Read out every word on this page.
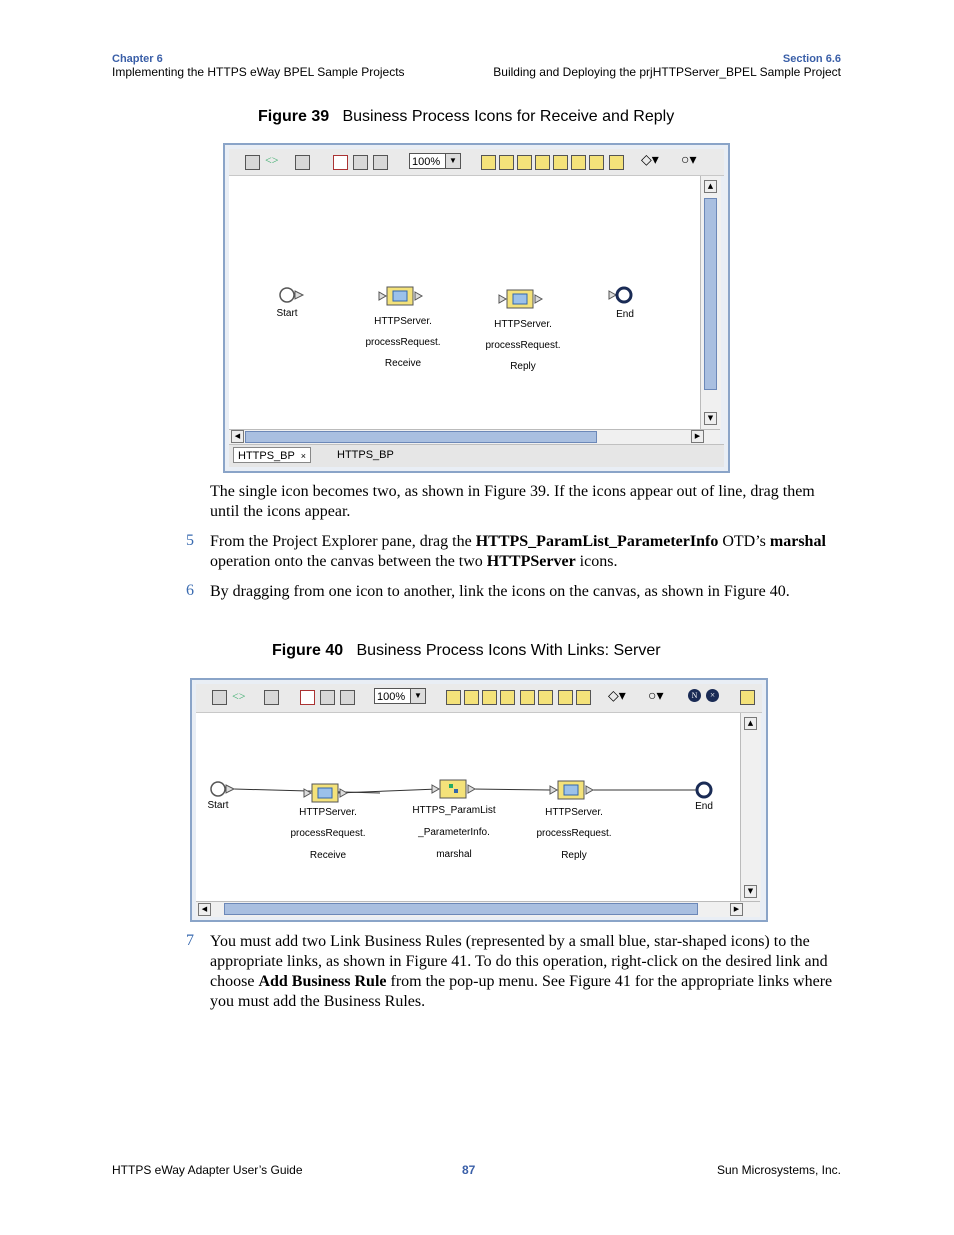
Chapter 6
Implementing the HTTPS eWay BPEL Sample Projects
Section 6.6
Building and Deploying the prjHTTPServer_BPEL Sample Project
Figure 39 Business Process Icons for Receive and Reply
<>	100%	▼	◇▾ ○▾
Start	End
HTTPServer.
processRequest.
Receive
HTTPServer.
processRequest.
Reply
▲
▼
◀	▶
HTTPS_BP ×	HTTPS_BP
The single icon becomes two, as shown in Figure 39. If the icons appear out of line, drag them until the icons appear.
5 From the Project Explorer pane, drag the HTTPS_ParamList_ParameterInfo OTD’s marshal operation onto the canvas between the two HTTPServer icons.
6 By dragging from one icon to another, link the icons on the canvas, as shown in Figure 40.
Figure 40 Business Process Icons With Links: Server
<>	100%	▼	◇▾ ○▾	N	×
Start	End
HTTPServer.
processRequest.
Receive
HTTPS_ParamList
_ParameterInfo.
marshal
HTTPServer.
processRequest.
Reply
▲
▼
◀	▶
7 You must add two Link Business Rules (represented by a small blue, star-shaped icons) to the appropriate links, as shown in Figure 41. To do this operation, right-click on the desired link and choose Add Business Rule from the pop-up menu. See Figure 41 for the appropriate links where you must add the Business Rules.
HTTPS eWay Adapter User’s Guide	87	Sun Microsystems, Inc.
